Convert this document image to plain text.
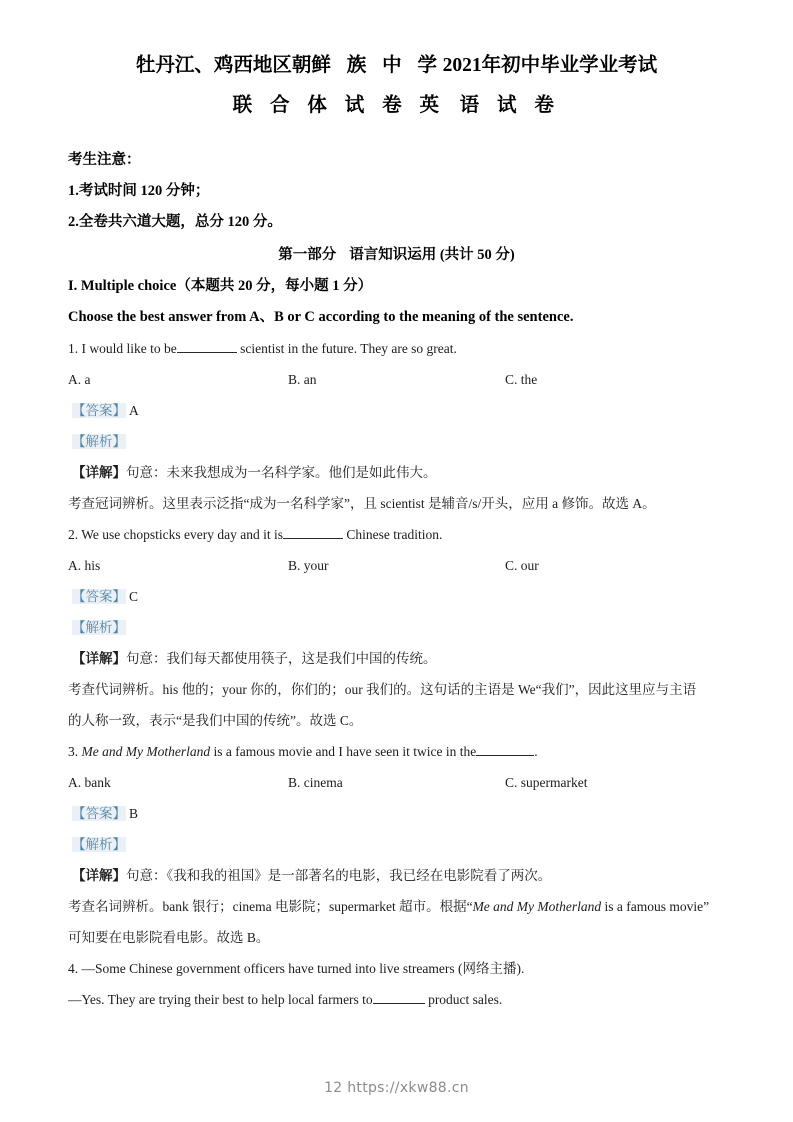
牡丹江、鸡西地区朝鲜 族 中 学2021年初中毕业学业考试
联 合 体 试 卷 英 语 试 卷
考生注意：
1.考试时间 120 分钟；
2.全卷共六道大题，总分 120 分。
第一部分 语言知识运用 (共计 50 分)
I. Multiple choice（本题共 20 分，每小题 1 分）
Choose the best answer from A、B or C according to the meaning of the sentence.
1. I would like to be	scientist in the future. They are so great.
A. a	B. an	C. the
【答案】 A
【解析】
【详解】句意：未来我想成为一名科学家。他们是如此伟大。
考查冠词辨析。这里表示泛指“成为一名科学家”，且 scientist 是辅音/s/开头，应用 a 修饰。故选 A。
2. We use chopsticks every day and it is	Chinese tradition.
A. his	B. your	C. our
【答案】 C
【解析】
【详解】句意：我们每天都使用筷子，这是我们中国的传统。
考查代词辨析。his 他的；your 你的，你们的；our 我们的。这句话的主语是 We“我们”，因此这里应与主语
的人称一致，表示“是我们中国的传统”。故选 C。
3. Me and My Motherland is a famous movie and I have seen it twice in the	.
A. bank	B. cinema	C. supermarket
【答案】 B
【解析】
【详解】句意：《我和我的祖国》是一部著名的电影，我已经在电影院看了两次。
考查名词辨析。bank 银行；cinema 电影院；supermarket 超市。根据“Me and My Motherland is a famous movie”
可知要在电影院看电影。故选 B。
4. —Some Chinese government officers have turned into live streamers (网络主播).
—Yes. They are trying their best to help local farmers to	product sales.
12 https://xkw88.cn
